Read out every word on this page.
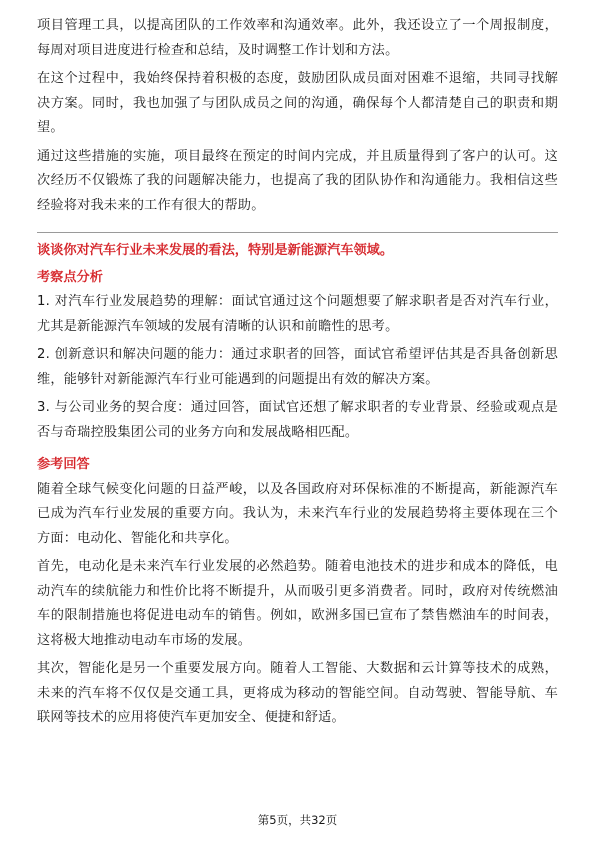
项目管理工具，以提高团队的工作效率和沟通效率。此外，我还设立了一个周报制度，每周对项目进度进行检查和总结，及时调整工作计划和方法。

在这个过程中，我始终保持着积极的态度，鼓励团队成员面对困难不退缩，共同寻找解决方案。同时，我也加强了与团队成员之间的沟通，确保每个人都清楚自己的职责和期望。

通过这些措施的实施，项目最终在预定的时间内完成，并且质量得到了客户的认可。这次经历不仅锻炼了我的问题解决能力，也提高了我的团队协作和沟通能力。我相信这些经验将对我未来的工作有很大的帮助。

谈谈你对汽车行业未来发展的看法，特别是新能源汽车领域。

考察点分析

1. 对汽车行业发展趋势的理解：面试官通过这个问题想要了解求职者是否对汽车行业，尤其是新能源汽车领域的发展有清晰的认识和前瞻性的思考。

2. 创新意识和解决问题的能力：通过求职者的回答，面试官希望评估其是否具备创新思维，能够针对新能源汽车行业可能遇到的问题提出有效的解决方案。

3. 与公司业务的契合度：通过回答，面试官还想了解求职者的专业背景、经验或观点是否与奇瑞控股集团公司的业务方向和发展战略相匹配。

参考回答

随着全球气候变化问题的日益严峻，以及各国政府对环保标准的不断提高，新能源汽车已成为汽车行业发展的重要方向。我认为，未来汽车行业的发展趋势将主要体现在三个方面：电动化、智能化和共享化。

首先，电动化是未来汽车行业发展的必然趋势。随着电池技术的进步和成本的降低，电动汽车的续航能力和性价比将不断提升，从而吸引更多消费者。同时，政府对传统燃油车的限制措施也将促进电动车的销售。例如，欧洲多国已宣布了禁售燃油车的时间表，这将极大地推动电动车市场的发展。

其次，智能化是另一个重要发展方向。随着人工智能、大数据和云计算等技术的成熟，未来的汽车将不仅仅是交通工具，更将成为移动的智能空间。自动驾驶、智能导航、车联网等技术的应用将使汽车更加安全、便捷和舒适。

第5页，共32页
